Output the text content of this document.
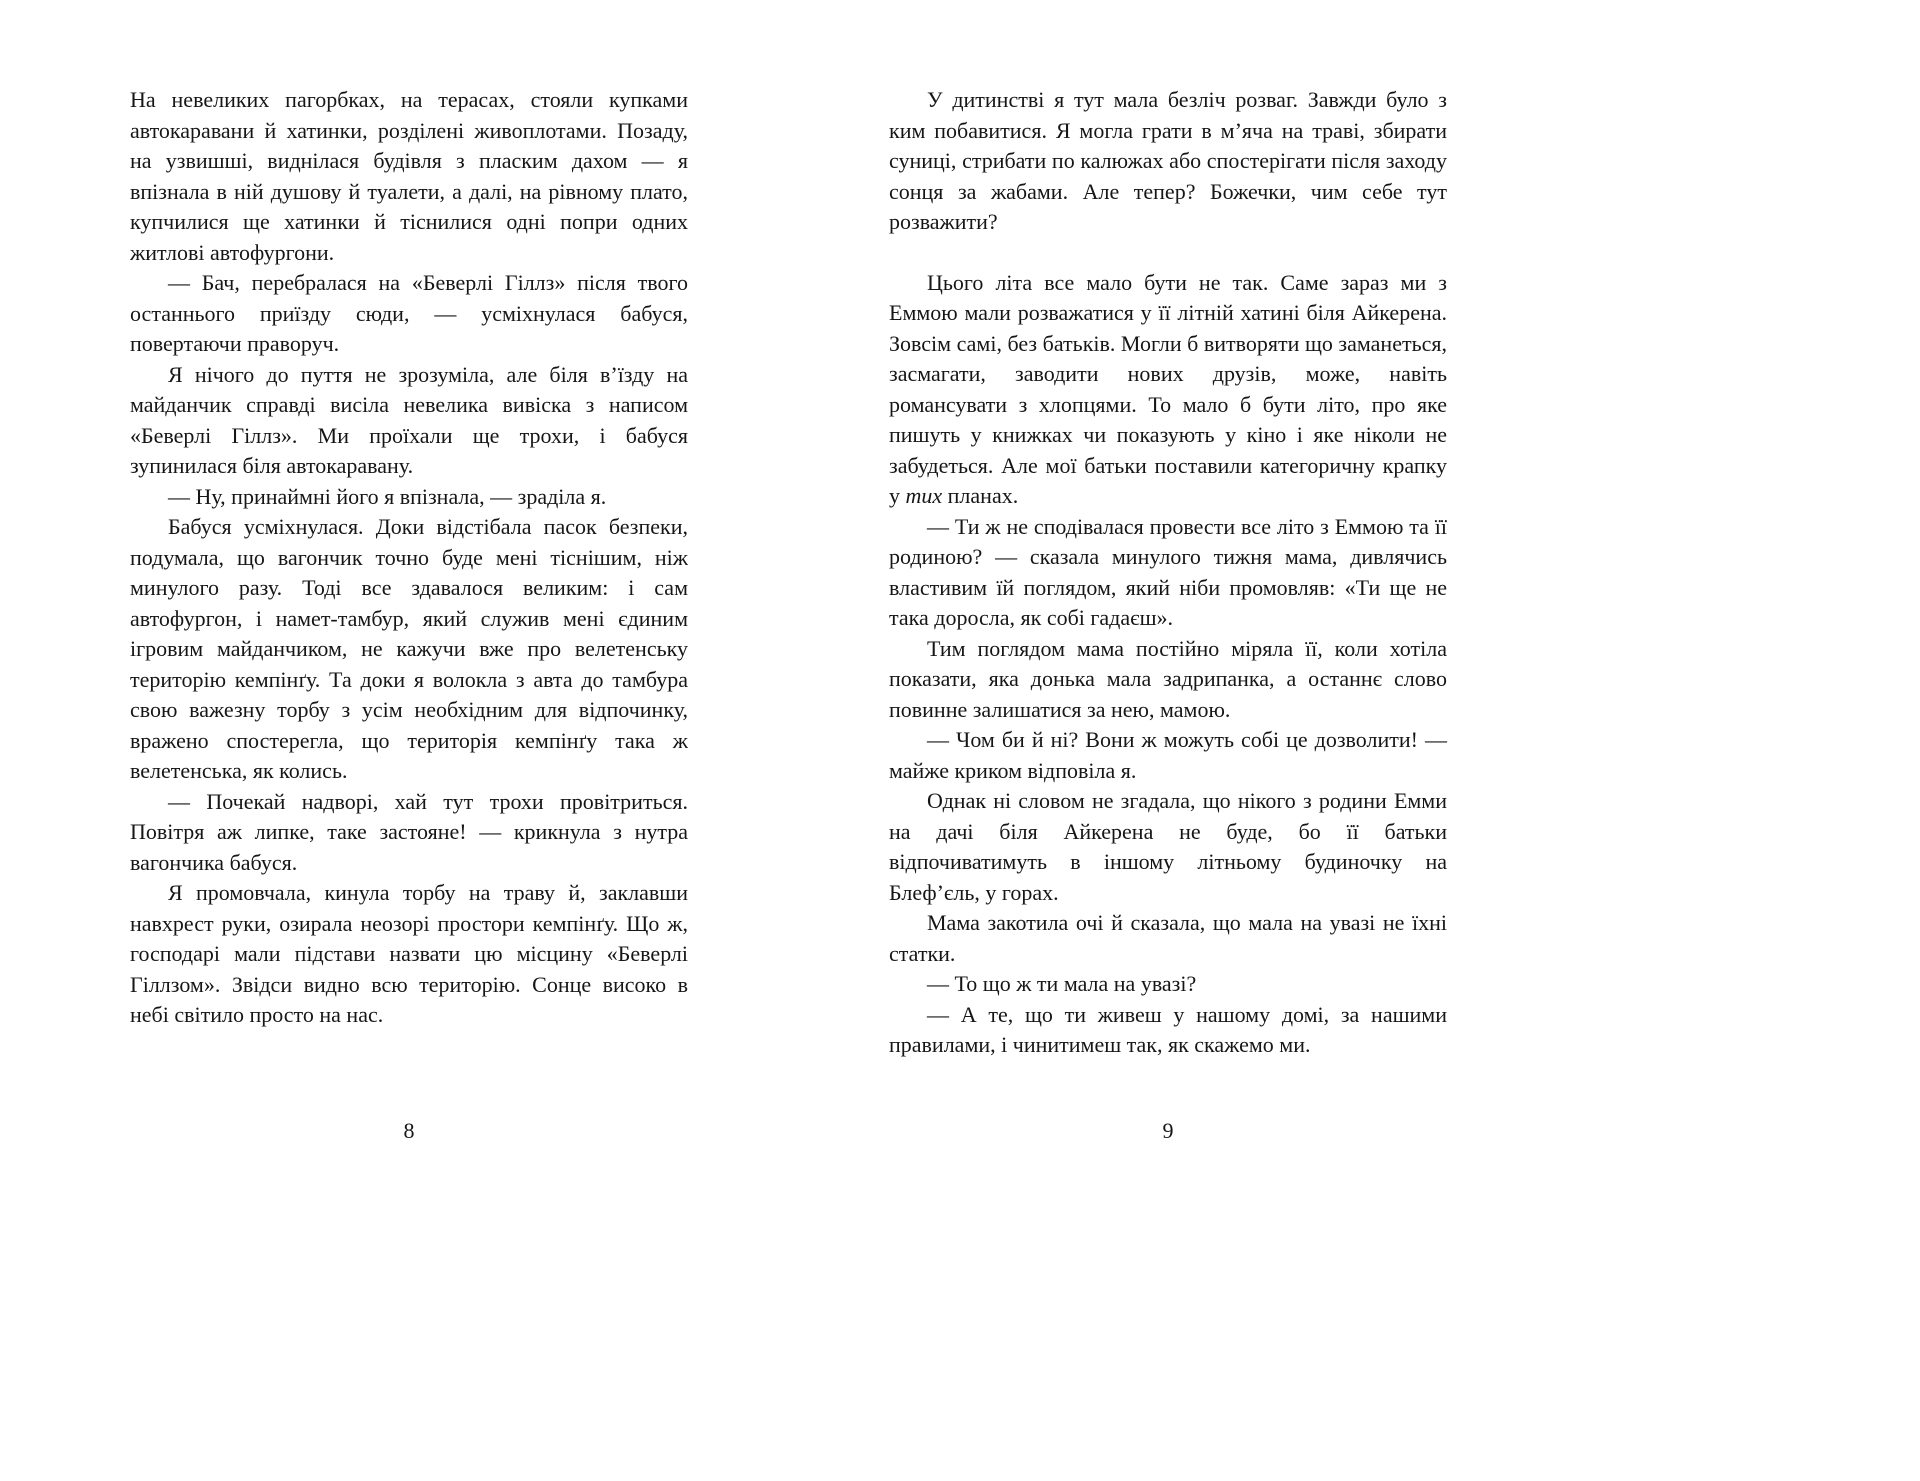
На невеликих пагорбках, на терасах, стояли купками автокаравани й хатинки, розділені живоплотами. Позаду, на узвишші, виднілася будівля з пласким дахом — я впізнала в ній душову й туалети, а далі, на рівному плато, купчилися ще хатинки й тіснилися одні попри одних житлові автофургони.

— Бач, перебралася на «Беверлі Гіллз» після твого останнього приїзду сюди, — усміхнулася бабуся, повертаючи праворуч.

Я нічого до пуття не зрозуміла, але біля в’їзду на майданчик справді висіла невелика вивіска з написом «Беверлі Гіллз». Ми проїхали ще трохи, і бабуся зупинилася біля автокаравану.

— Ну, принаймні його я впізнала, — зраділа я.

Бабуся усміхнулася. Доки відстібала пасок безпеки, подумала, що вагончик точно буде мені тіснішим, ніж минулого разу. Тоді все здавалося великим: і сам автофургон, і намет-тамбур, який служив мені єдиним ігровим майданчиком, не кажучи вже про велетенську територію кемпінґу. Та доки я волокла з авта до тамбура свою важезну торбу з усім необхідним для відпочинку, вражено спостерегла, що територія кемпінґу така ж велетенська, як колись.

— Почекай надворі, хай тут трохи провітриться. Повітря аж липке, таке застояне! — крикнула з нутра вагончика бабуся.

Я промовчала, кинула торбу на траву й, заклавши навхрест руки, озирала неозорі простори кемпінґу. Що ж, господарі мали підстави назвати цю місцину «Беверлі Гіллзом». Звідси видно всю територію. Сонце високо в небі світило просто на нас.

У дитинстві я тут мала безліч розваг. Завжди було з ким побавитися. Я могла грати в м’яча на траві, збирати суниці, стрибати по калюжах або спостерігати після заходу сонця за жабами. Але тепер? Божечки, чим себе тут розважити?

Цього літа все мало бути не так. Саме зараз ми з Еммою мали розважатися у її літній хатині біля Айкерена. Зовсім самі, без батьків. Могли б витворяти що заманеться, засмагати, заводити нових друзів, може, навіть романсувати з хлопцями. То мало б бути літо, про яке пишуть у книжках чи показують у кіно і яке ніколи не забудеться. Але мої батьки поставили категоричну крапку у тих планах.

— Ти ж не сподівалася провести все літо з Еммою та її родиною? — сказала минулого тижня мама, дивлячись властивим їй поглядом, який ніби промовляв: «Ти ще не така доросла, як собі гадаєш».

Тим поглядом мама постійно міряла її, коли хотіла показати, яка донька мала задрипанка, а останнє слово повинне залишатися за нею, мамою.

— Чом би й ні? Вони ж можуть собі це дозволити! — майже криком відповіла я.

Однак ні словом не згадала, що нікого з родини Емми на дачі біля Айкерена не буде, бо її батьки відпочиватимуть в іншому літньому будиночку на Блеф’єль, у горах.

Мама закотила очі й сказала, що мала на увазі не їхні статки.

— То що ж ти мала на увазі?

— А те, що ти живеш у нашому домі, за нашими правилами, і чинитимеш так, як скажемо ми.

8	9
